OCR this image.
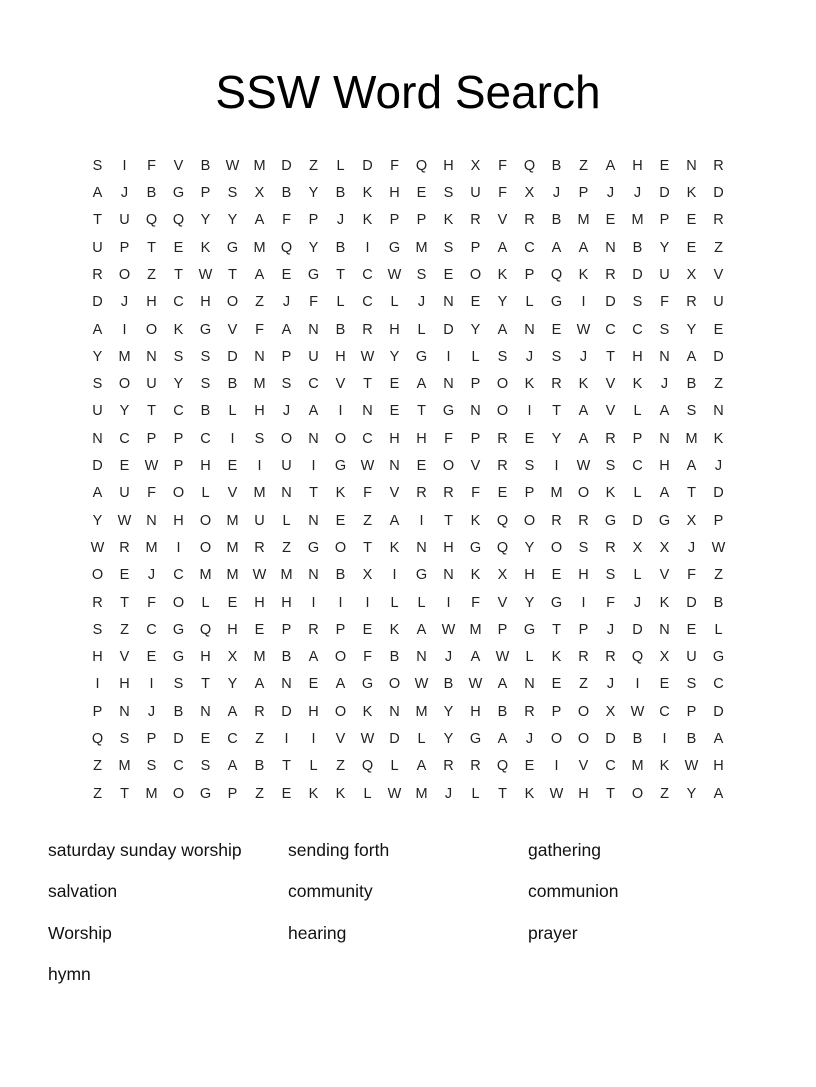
SSW Word Search
S	I	F	V	B	W	M	D	Z	L	D	F	Q	H	X	F	Q	B	Z	A	H	E	N	R
A	J	B	G	P	S	X	B	Y	B	K	H	E	S	U	F	X	J	P	J	J	D	K	D
T	U	Q	Q	Y	Y	A	F	P	J	K	P	P	K	R	V	R	B	M	E	M	P	E	R
U	P	T	E	K	G	M	Q	Y	B	I	G	M	S	P	A	C	A	A	N	B	Y	E	Z
R	O	Z	T	W	T	A	E	G	T	C	W	S	E	O	K	P	Q	K	R	D	U	X	V
D	J	H	C	H	O	Z	J	F	L	C	L	J	N	E	Y	L	G	I	D	S	F	R	U
A	I	O	K	G	V	F	A	N	B	R	H	L	D	Y	A	N	E	W	C	C	S	Y	E
Y	M	N	S	S	D	N	P	U	H	W	Y	G	I	L	S	J	S	J	T	H	N	A	D
S	O	U	Y	S	B	M	S	C	V	T	E	A	N	P	O	K	R	K	V	K	J	B	Z
U	Y	T	C	B	L	H	J	A	I	N	E	T	G	N	O	I	T	A	V	L	A	S	N
N	C	P	P	C	I	S	O	N	O	C	H	H	F	P	R	E	Y	A	R	P	N	M	K
D	E	W	P	H	E	I	U	I	G	W	N	E	O	V	R	S	I	W	S	C	H	A	J
A	U	F	O	L	V	M	N	T	K	F	V	R	R	F	E	P	M	O	K	L	A	T	D
Y	W	N	H	O	M	U	L	N	E	Z	A	I	T	K	Q	O	R	R	G	D	G	X	P
W	R	M	I	O	M	R	Z	G	O	T	K	N	H	G	Q	Y	O	S	R	X	X	J	W
O	E	J	C	M	M	W	M	N	B	X	I	G	N	K	X	H	E	H	S	L	V	F	Z
R	T	F	O	L	E	H	H	I	I	I	L	L	I	F	V	Y	G	I	F	J	K	D	B
S	Z	C	G	Q	H	E	P	R	P	E	K	A	W	M	P	G	T	P	J	D	N	E	L
H	V	E	G	H	X	M	B	A	O	F	B	N	J	A	W	L	K	R	R	Q	X	U	G
I	H	I	S	T	Y	A	N	E	A	G	O	W	B	W	A	N	E	Z	J	I	E	S	C
P	N	J	B	N	A	R	D	H	O	K	N	M	Y	H	B	R	P	O	X	W	C	P	D
Q	S	P	D	E	C	Z	I	I	V	W	D	L	Y	G	A	J	O	O	D	B	I	B	A
Z	M	S	C	S	A	B	T	L	Z	Q	L	A	R	R	Q	E	I	V	C	M	K	W	H
Z	T	M	O	G	P	Z	E	K	K	L	W	M	J	L	T	K	W	H	T	O	Z	Y	A
saturday sunday worship	sending forth	gathering
salvation	community	communion
Worship	hearing	prayer
hymn
